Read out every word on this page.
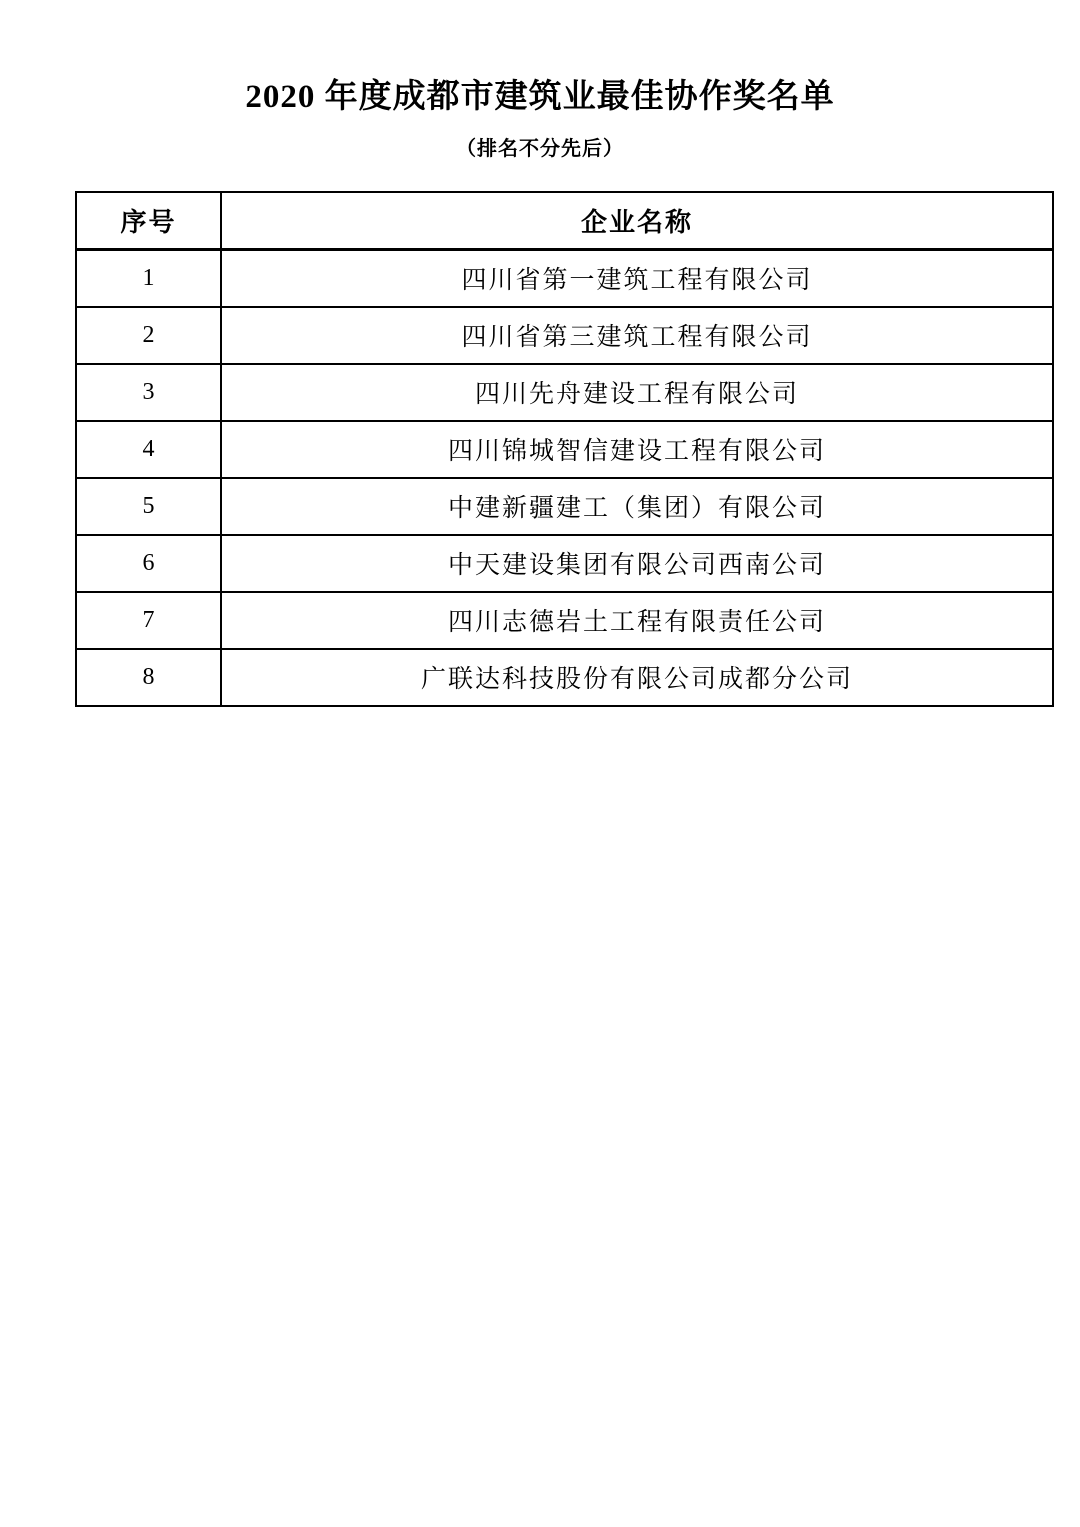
2020 年度成都市建筑业最佳协作奖名单
（排名不分先后）
序号	企业名称
1	四川省第一建筑工程有限公司
2	四川省第三建筑工程有限公司
3	四川先舟建设工程有限公司
4	四川锦城智信建设工程有限公司
5	中建新疆建工（集团）有限公司
6	中天建设集团有限公司西南公司
7	四川志德岩土工程有限责任公司
8	广联达科技股份有限公司成都分公司
